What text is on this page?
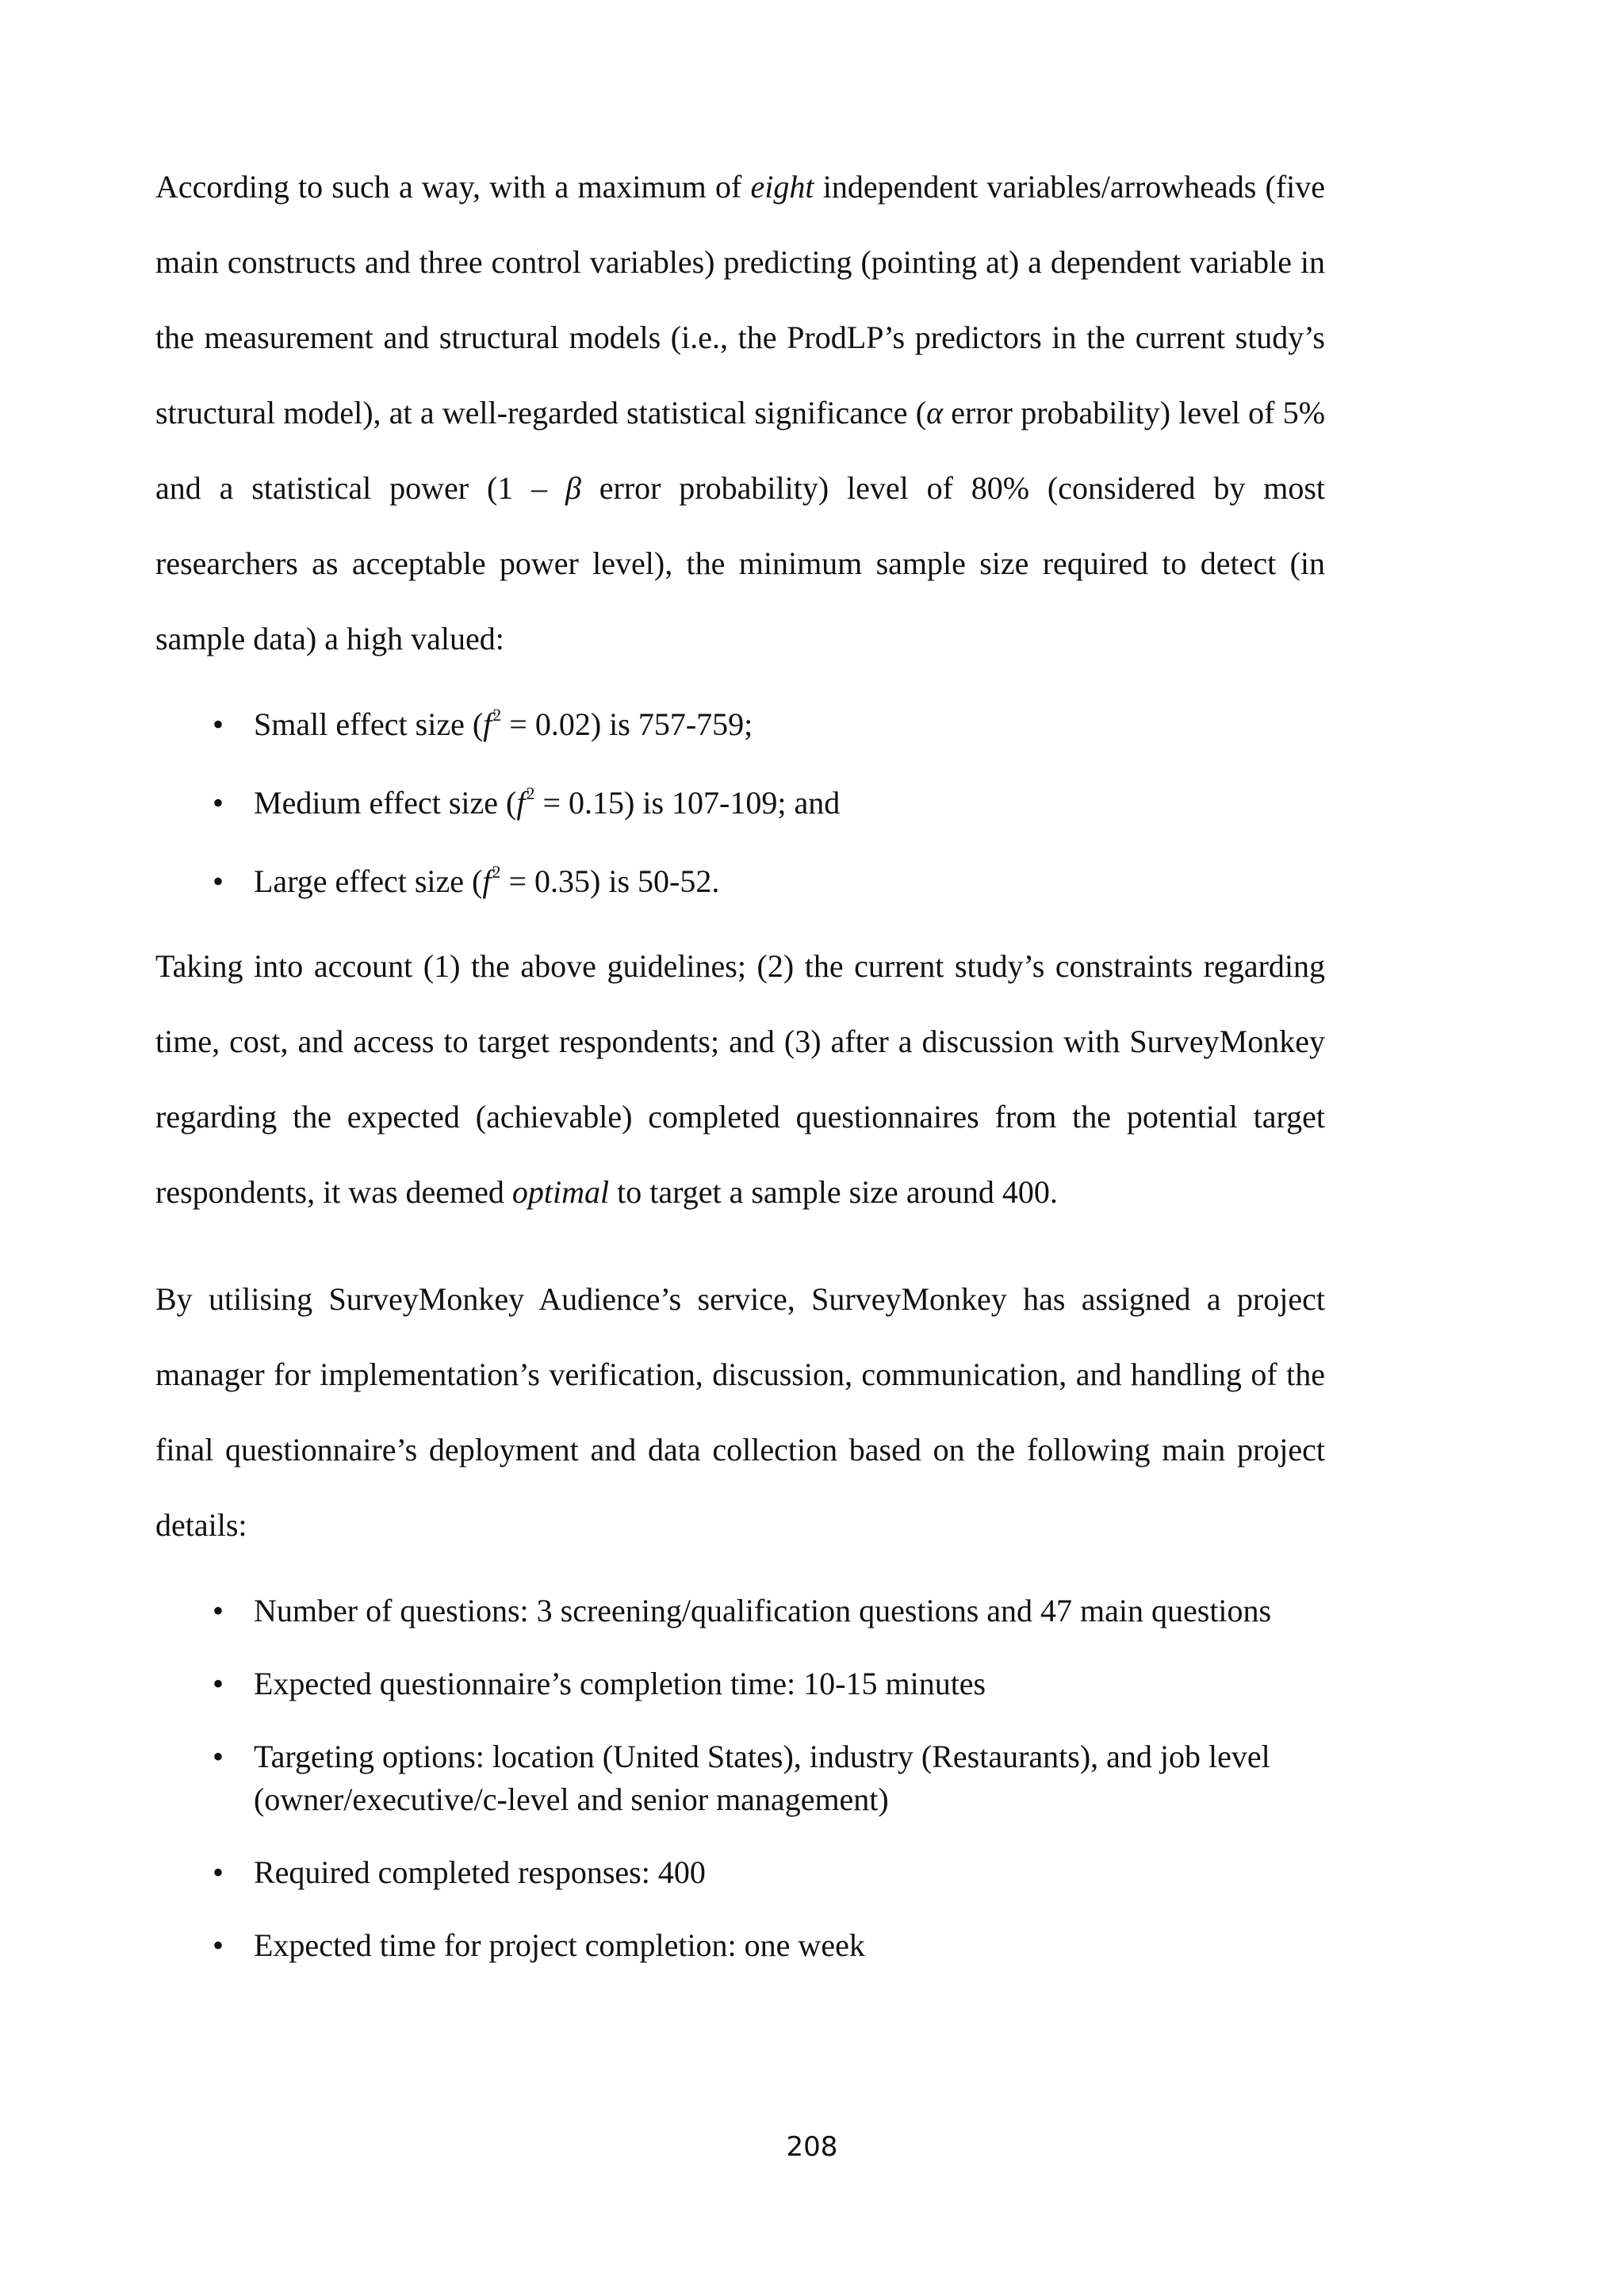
According to such a way, with a maximum of eight independent variables/arrowheads (five main constructs and three control variables) predicting (pointing at) a dependent variable in the measurement and structural models (i.e., the ProdLP’s predictors in the current study’s structural model), at a well-regarded statistical significance (α error probability) level of 5% and a statistical power (1 – β error probability) level of 80% (considered by most researchers as acceptable power level), the minimum sample size required to detect (in sample data) a high valued:

• Small effect size $(f^2 = 0.02)$ is 757-759;
• Medium effect size $(f^2 = 0.15)$ is 107-109; and
• Large effect size $(f^2 = 0.35)$ is 50-52.

Taking into account (1) the above guidelines; (2) the current study’s constraints regarding time, cost, and access to target respondents; and (3) after a discussion with SurveyMonkey regarding the expected (achievable) completed questionnaires from the potential target respondents, it was deemed optimal to target a sample size around 400.

By utilising SurveyMonkey Audience’s service, SurveyMonkey has assigned a project manager for implementation’s verification, discussion, communication, and handling of the final questionnaire’s deployment and data collection based on the following main project details:

• Number of questions: 3 screening/qualification questions and 47 main questions
• Expected questionnaire’s completion time: 10-15 minutes
• Targeting options: location (United States), industry (Restaurants), and job level (owner/executive/c-level and senior management)
• Required completed responses: 400
• Expected time for project completion: one week
208
